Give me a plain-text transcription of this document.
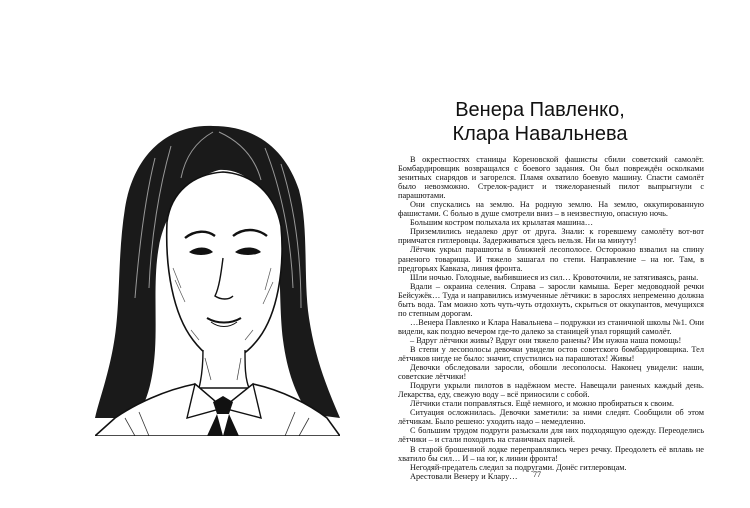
Венера Павленко,
Клара Навальнева

В окрестностях станицы Кореновской фашисты сбили советский самолёт. Бомбардировщик возвращался с боевого задания. Он был повреждён осколками зенитных снарядов и загорелся. Пламя охватило боевую машину. Спасти самолёт было невозможно. Стрелок-радист и тяжелораненый пилот выпрыгнули с парашютами.

Они спускались на землю. На родную землю. На землю, оккупированную фашистами. С болью в душе смотрели вниз – в неизвестную, опасную ночь.

Большим костром полыхала их крылатая машина…

Приземлились недалеко друг от друга. Знали: к горевшему самолёту вот-вот примчатся гитлеровцы. Задерживаться здесь нельзя. Ни на минуту!

Лётчик укрыл парашюты в ближней лесополосе. Осторожно взвалил на спину раненого товарища. И тяжело зашагал по степи. Направление – на юг. Там, в предгорьях Кавказа, линия фронта.

Шли ночью. Голодные, выбившиеся из сил… Кровоточили, не затягиваясь, раны.

Вдали – окраина селения. Справа – заросли камыша. Берег медоводной речки Бейсужёк… Туда и направились измученные лётчики: в зарослях непременно должна быть вода. Там можно хоть чуть-чуть отдохнуть, скрыться от оккупантов, мечущихся по степным дорогам.

…Венера Павленко и Клара Навальнева – подружки из станичной школы №1. Они видели, как поздно вечером где-то далеко за станицей упал горящий самолёт.

– Вдруг лётчики живы? Вдруг они тяжело ранены? Им нужна наша помощь!

В степи у лесополосы девочки увидели остов советского бомбардировщика. Тел лётчиков нигде не было: значит, спустились на парашютах! Живы!

Девочки обследовали заросли, обошли лесополосы. Наконец увидели: наши, советские лётчики!

Подруги укрыли пилотов в надёжном месте. Навещали раненых каждый день. Лекарства, еду, свежую воду – всё приносили с собой.

Лётчики стали поправляться. Ещё немного, и можно пробираться к своим.

Ситуация осложнилась. Девочки заметили: за ними следят. Сообщили об этом лётчикам. Было решено: уходить надо – немедленно.

С большим трудом подруги разыскали для них подходящую одежду. Переоделись лётчики – и стали походить на станичных парней.

В старой брошенной лодке переправлялись через речку. Преодолеть её вплавь не хватило бы сил… И – на юг, к линии фронта!

Негодяй-предатель следил за подругами. Донёс гитлеровцам.

Арестовали Венеру и Клару…	77
